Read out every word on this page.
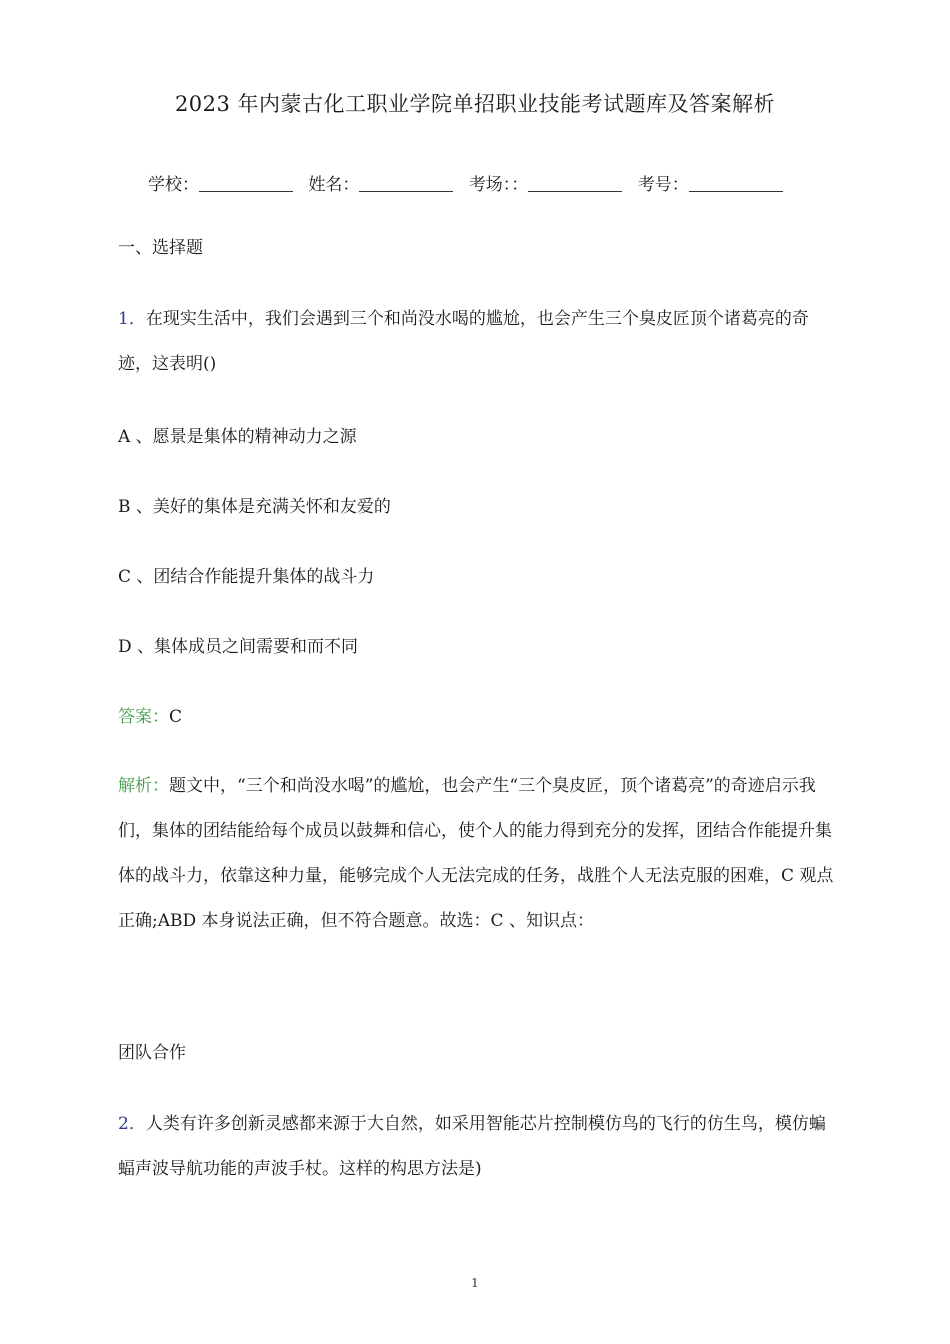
2023 年内蒙古化工职业学院单招职业技能考试题库及答案解析
学校：	姓名：	考场：：	考号：
一、选择题
1．在现实生活中，我们会遇到三个和尚没水喝的尴尬，也会产生三个臭皮匠顶个诸葛亮的奇迹，这表明()
A 、愿景是集体的精神动力之源
B 、美好的集体是充满关怀和友爱的
C 、团结合作能提升集体的战斗力
D 、集体成员之间需要和而不同
答案：C
解析：题文中，“三个和尚没水喝”的尴尬，也会产生“三个臭皮匠，顶个诸葛亮”的奇迹启示我们，集体的团结能给每个成员以鼓舞和信心，使个人的能力得到充分的发挥，团结合作能提升集体的战斗力，依靠这种力量，能够完成个人无法完成的任务，战胜个人无法克服的困难，C 观点正确;ABD 本身说法正确，但不符合题意。故选：C 、知识点：
团队合作
2．人类有许多创新灵感都来源于大自然，如采用智能芯片控制模仿鸟的飞行的仿生鸟，模仿蝙蝠声波导航功能的声波手杖。这样的构思方法是)
1
